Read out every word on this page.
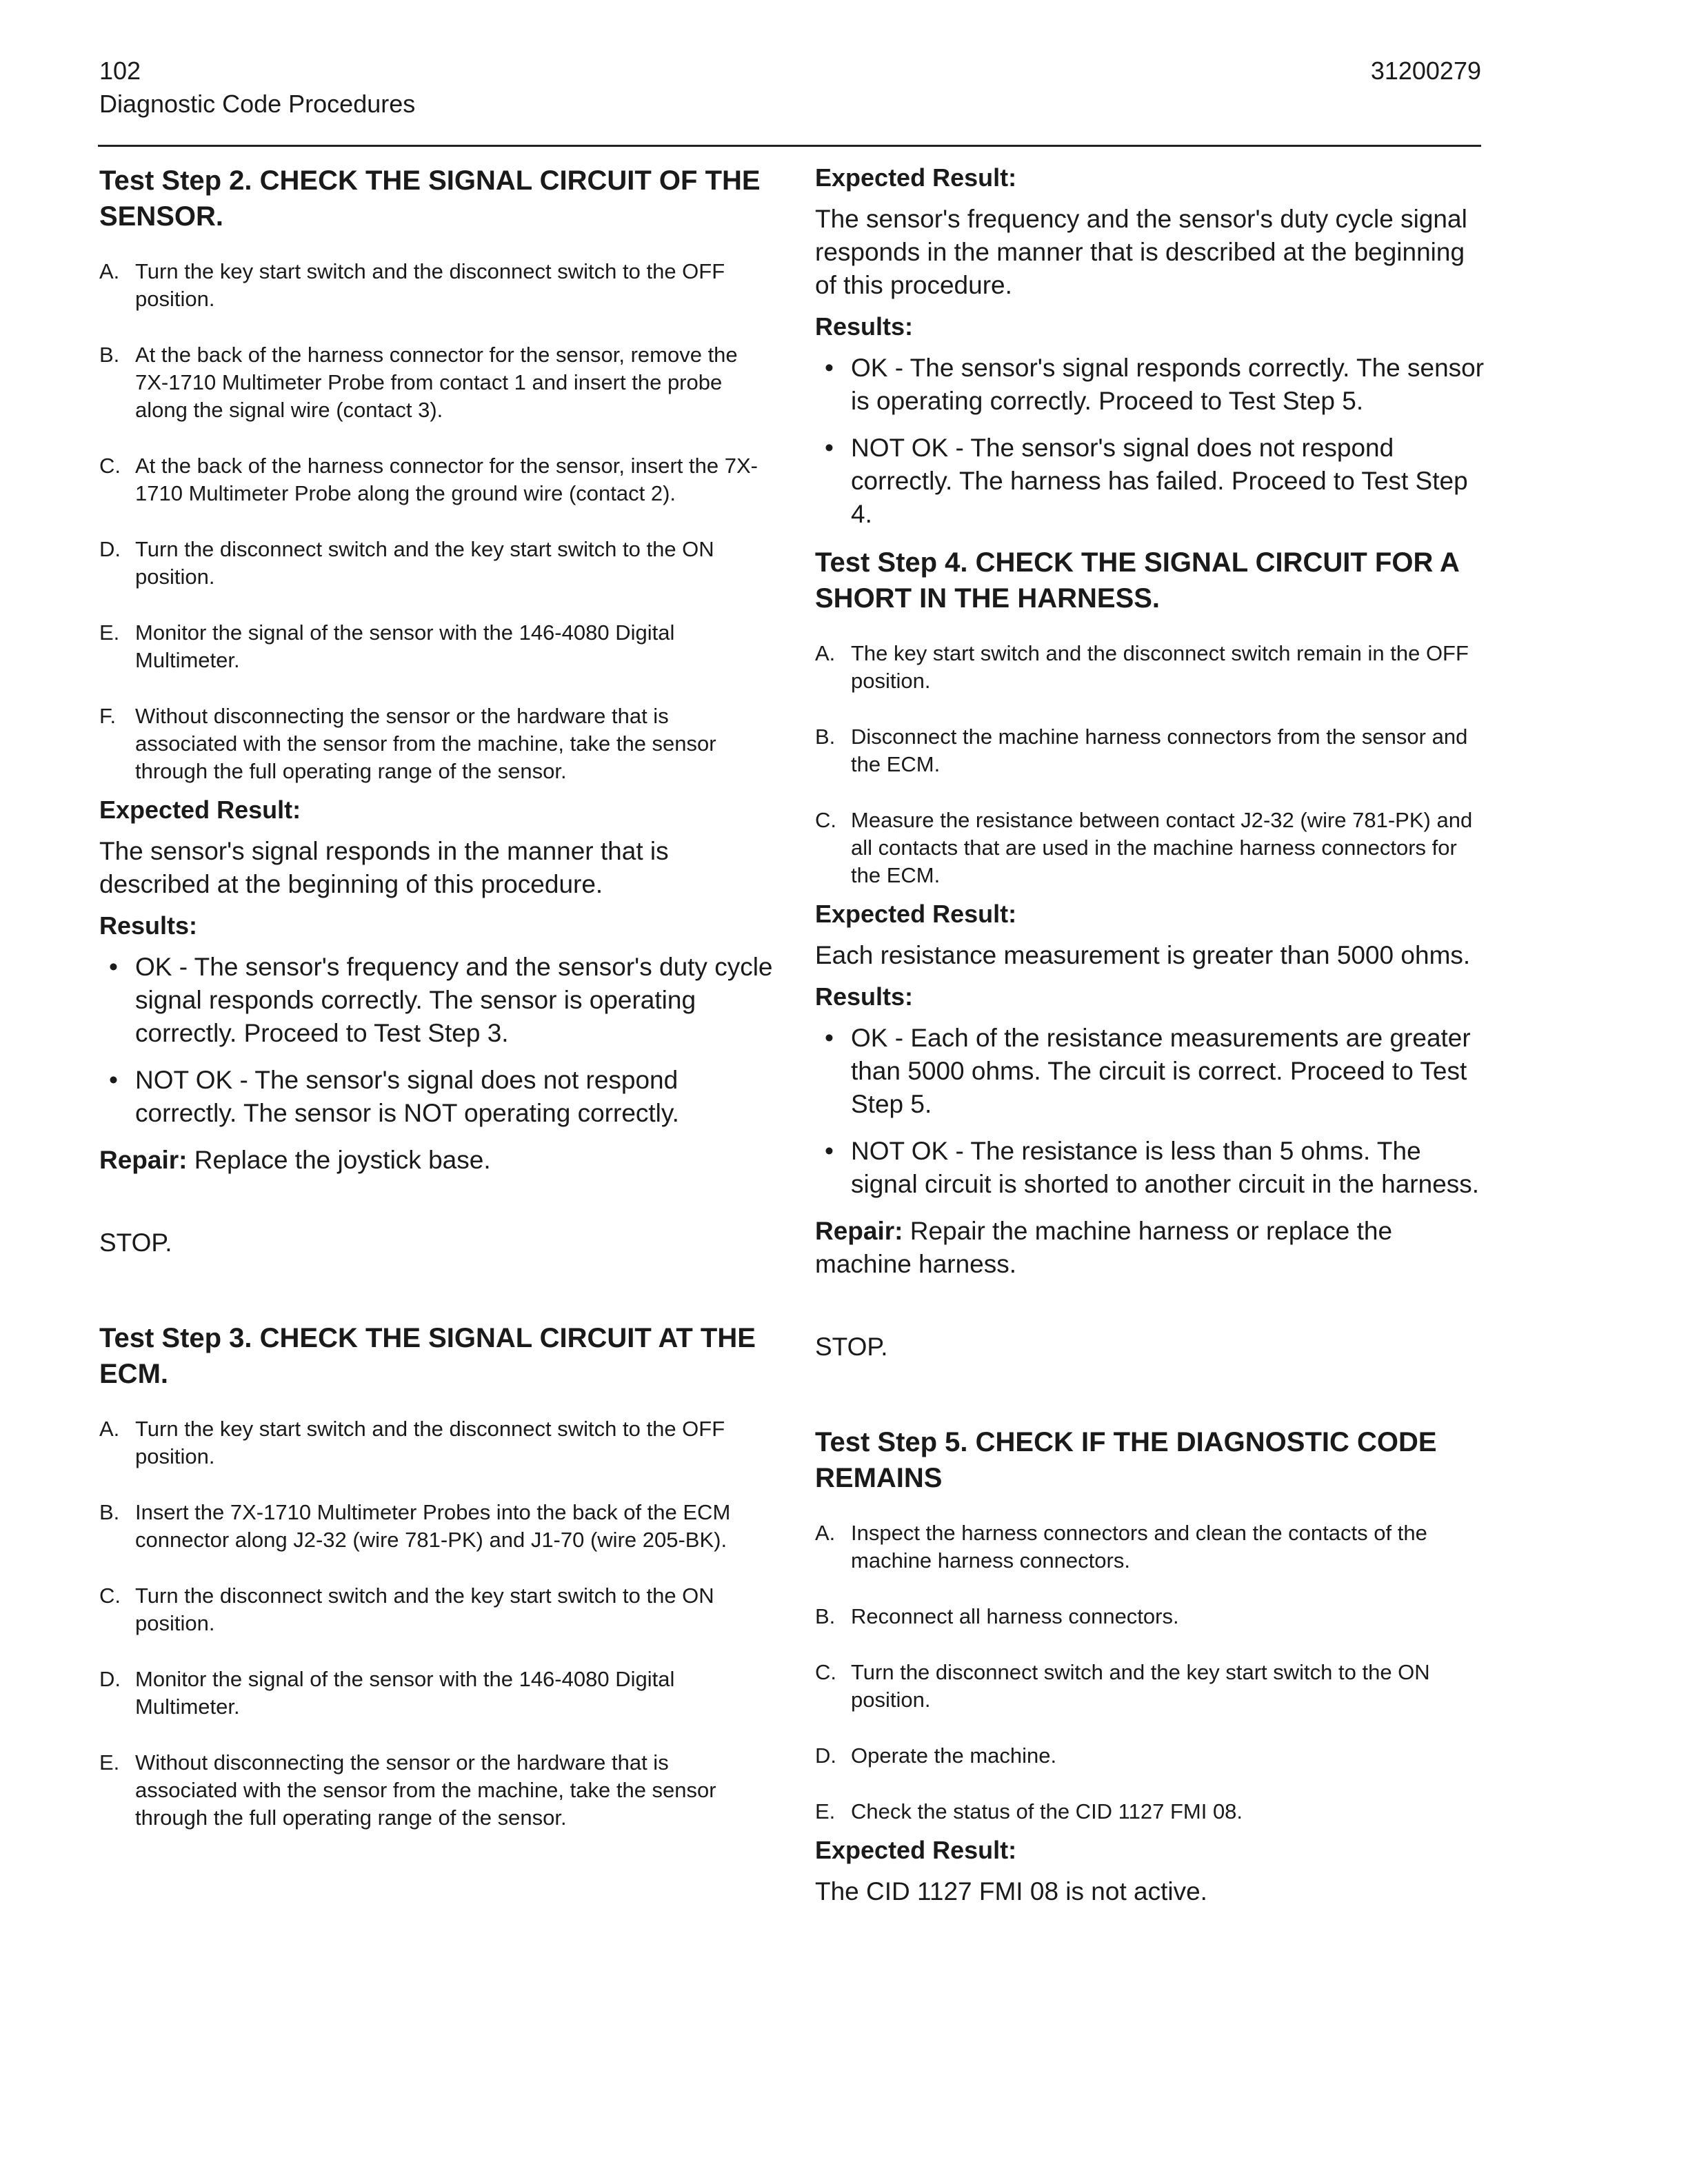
102	31200279
Diagnostic Code Procedures
Test Step 2. CHECK THE SIGNAL CIRCUIT OF THE SENSOR.
A. Turn the key start switch and the disconnect switch to the OFF position.
B. At the back of the harness connector for the sensor, remove the 7X-1710 Multimeter Probe from contact 1 and insert the probe along the signal wire (contact 3).
C. At the back of the harness connector for the sensor, insert the 7X-1710 Multimeter Probe along the ground wire (contact 2).
D. Turn the disconnect switch and the key start switch to the ON position.
E. Monitor the signal of the sensor with the 146-4080 Digital Multimeter.
F. Without disconnecting the sensor or the hardware that is associated with the sensor from the machine, take the sensor through the full operating range of the sensor.
Expected Result:

The sensor's signal responds in the manner that is described at the beginning of this procedure.

Results:
• OK - The sensor's frequency and the sensor's duty cycle signal responds correctly. The sensor is operating correctly. Proceed to Test Step 3.
• NOT OK - The sensor's signal does not respond correctly. The sensor is NOT operating correctly.

Repair: Replace the joystick base.

STOP.

Test Step 3. CHECK THE SIGNAL CIRCUIT AT THE ECM.
A. Turn the key start switch and the disconnect switch to the OFF position.
B. Insert the 7X-1710 Multimeter Probes into the back of the ECM connector along J2-32 (wire 781-PK) and J1-70 (wire 205-BK).
C. Turn the disconnect switch and the key start switch to the ON position.
D. Monitor the signal of the sensor with the 146-4080 Digital Multimeter.
E. Without disconnecting the sensor or the hardware that is associated with the sensor from the machine, take the sensor through the full operating range of the sensor.
Expected Result:

The sensor's frequency and the sensor's duty cycle signal responds in the manner that is described at the beginning of this procedure.

Results:
• OK - The sensor's signal responds correctly. The sensor is operating correctly. Proceed to Test Step 5.
• NOT OK - The sensor's signal does not respond correctly. The harness has failed. Proceed to Test Step 4.
Test Step 4. CHECK THE SIGNAL CIRCUIT FOR A SHORT IN THE HARNESS.
A. The key start switch and the disconnect switch remain in the OFF position.
B. Disconnect the machine harness connectors from the sensor and the ECM.
C. Measure the resistance between contact J2-32 (wire 781-PK) and all contacts that are used in the machine harness connectors for the ECM.
Expected Result:

Each resistance measurement is greater than 5000 ohms.

Results:
• OK - Each of the resistance measurements are greater than 5000 ohms. The circuit is correct. Proceed to Test Step 5.
• NOT OK - The resistance is less than 5 ohms. The signal circuit is shorted to another circuit in the harness.

Repair: Repair the machine harness or replace the machine harness.

STOP.

Test Step 5. CHECK IF THE DIAGNOSTIC CODE REMAINS
A. Inspect the harness connectors and clean the contacts of the machine harness connectors.
B. Reconnect all harness connectors.
C. Turn the disconnect switch and the key start switch to the ON position.
D. Operate the machine.
E. Check the status of the CID 1127 FMI 08.
Expected Result:

The CID 1127 FMI 08 is not active.
